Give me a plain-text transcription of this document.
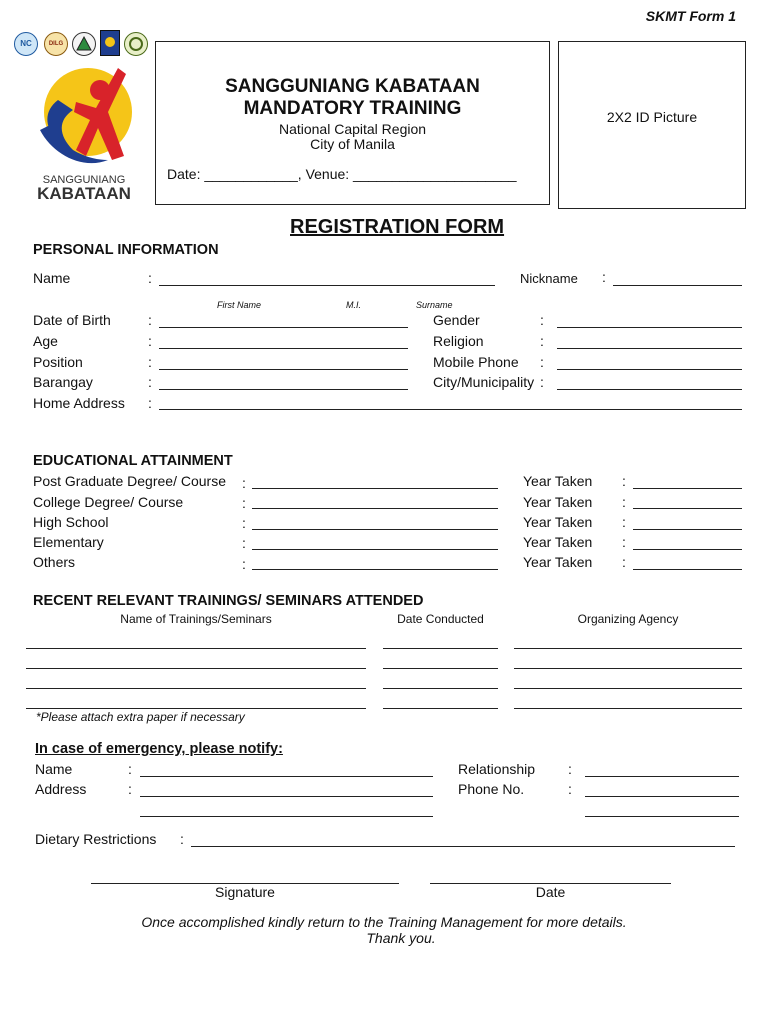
SKMT Form 1
NC	DILG
SANGGUNIANG
KABATAAN
SANGGUNIANG KABATAAN
MANDATORY TRAINING
National Capital Region
City of Manila
Date: ____________, Venue: _____________________
2X2 ID Picture
REGISTRATION FORM
PERSONAL INFORMATION
Name	:	Nickname :
First Name	M.I.	Surname
Date of Birth	:	Gender	:
Age	:	Religion	:
Position	:	Mobile Phone :
Barangay	:	City/Municipality :
Home Address :
EDUCATIONAL ATTAINMENT
Post Graduate Degree/ Course :	Year Taken :
College Degree/ Course	:	Year Taken :
High School	:	Year Taken :
Elementary	:	Year Taken :
Others	:	Year Taken :
RECENT RELEVANT TRAININGS/ SEMINARS ATTENDED
Name of Trainings/Seminars	Date Conducted	Organizing Agency
*Please attach extra paper if necessary
In case of emergency, please notify:
Name	:	Relationship :
Address	:	Phone No.	:
Dietary Restrictions :
Signature	Date
Once accomplished kindly return to the Training Management for more details.
Thank you.
